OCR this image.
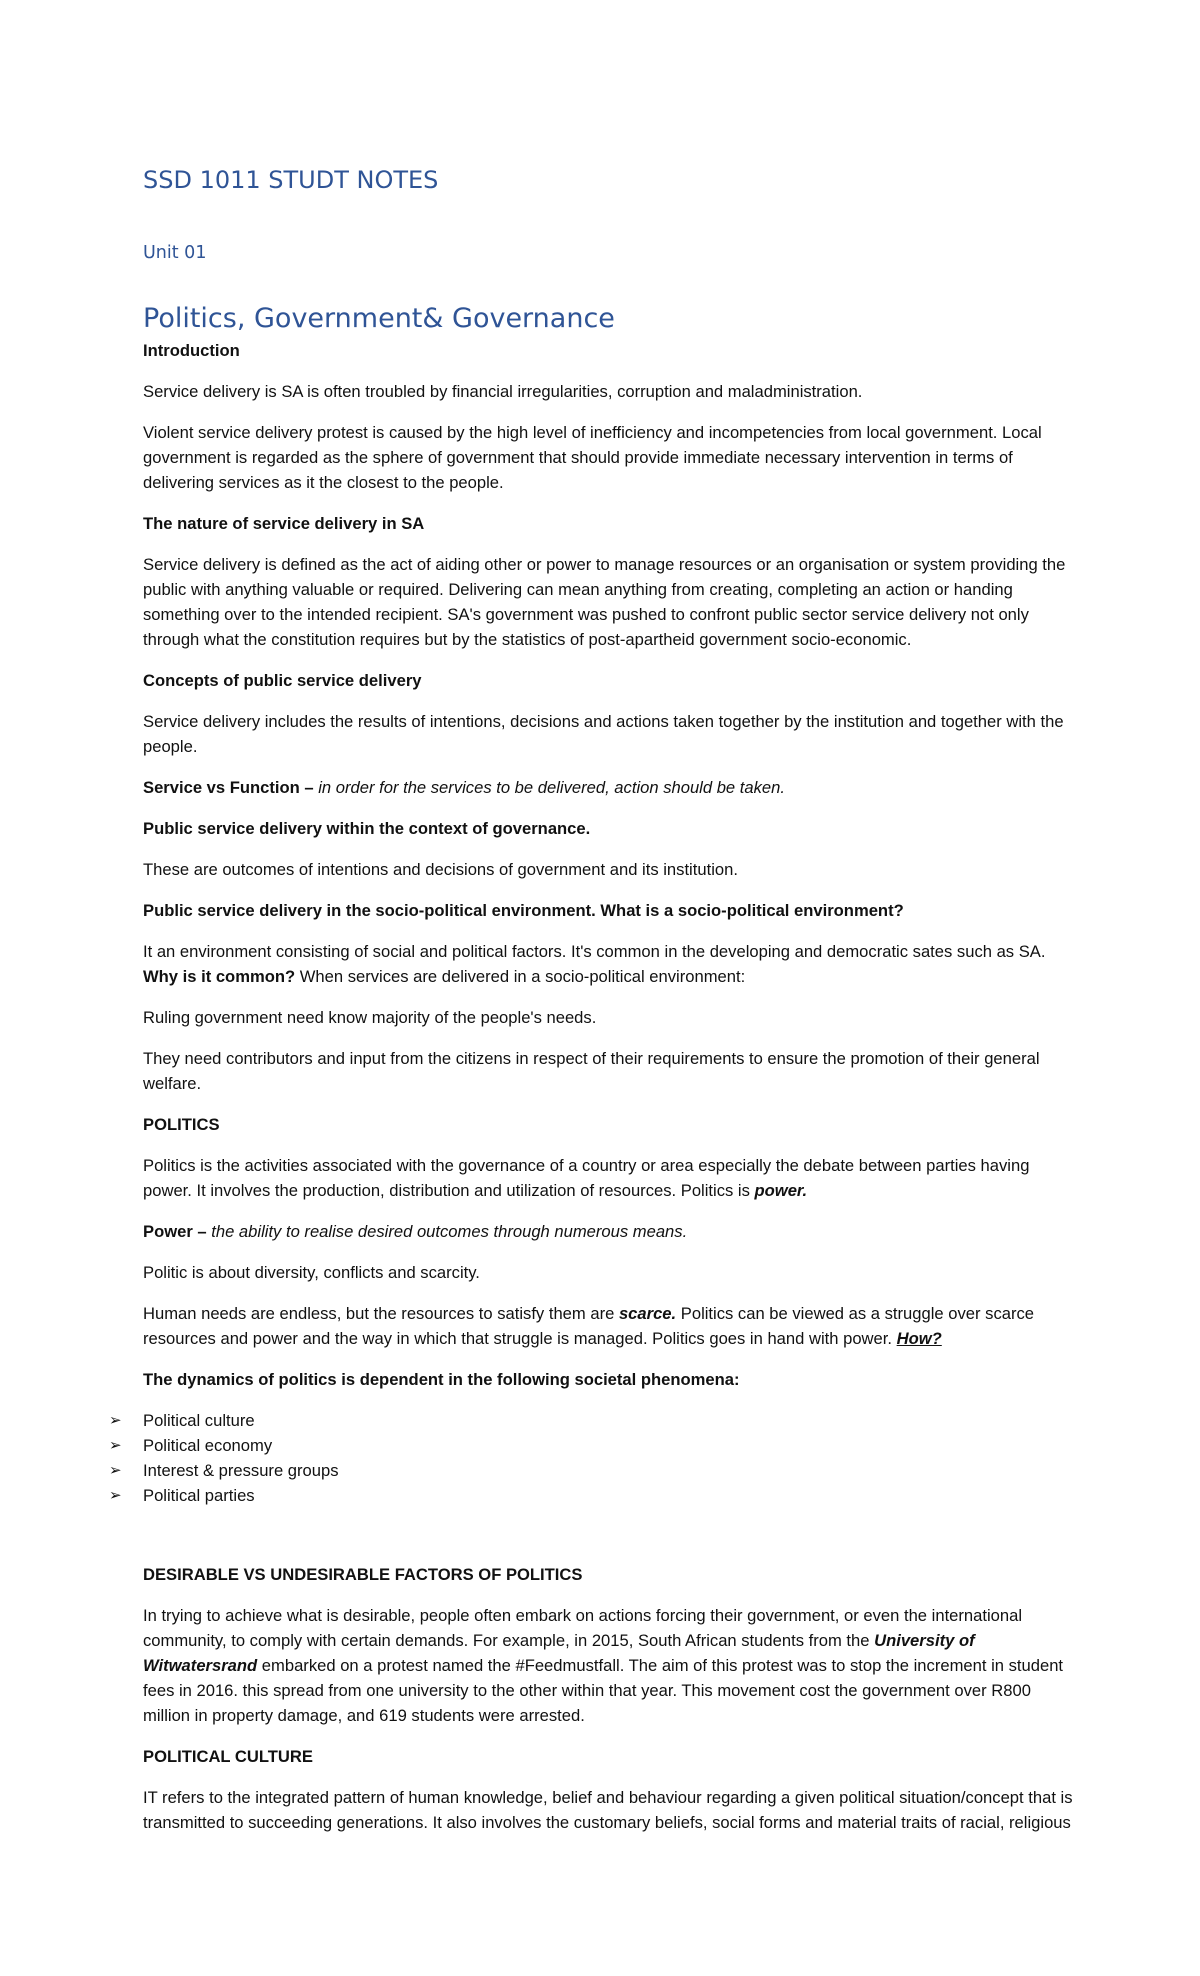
SSD 1011 STUDT NOTES
Unit 01
Politics, Government& Governance

Introduction

Service delivery is SA is often troubled by financial irregularities, corruption and maladministration.

Violent service delivery protest is caused by the high level of inefficiency and incompetencies from local government. Local government is regarded as the sphere of government that should provide immediate necessary intervention in terms of delivering services as it the closest to the people.

The nature of service delivery in SA

Service delivery is defined as the act of aiding other or power to manage resources or an organisation or system providing the public with anything valuable or required. Delivering can mean anything from creating, completing an action or handing something over to the intended recipient. SA's government was pushed to confront public sector service delivery not only through what the constitution requires but by the statistics of post-apartheid government socio-economic.

Concepts of public service delivery

Service delivery includes the results of intentions, decisions and actions taken together by the institution and together with the people.

Service vs Function – in order for the services to be delivered, action should be taken.

Public service delivery within the context of governance.

These are outcomes of intentions and decisions of government and its institution.

Public service delivery in the socio-political environment. What is a socio-political environment?

It an environment consisting of social and political factors. It's common in the developing and democratic sates such as SA. Why is it common? When services are delivered in a socio-political environment:

Ruling government need know majority of the people's needs.

They need contributors and input from the citizens in respect of their requirements to ensure the promotion of their general welfare.

POLITICS

Politics is the activities associated with the governance of a country or area especially the debate between parties having power. It involves the production, distribution and utilization of resources. Politics is power.

Power – the ability to realise desired outcomes through numerous means.

Politic is about diversity, conflicts and scarcity.

Human needs are endless, but the resources to satisfy them are scarce. Politics can be viewed as a struggle over scarce resources and power and the way in which that struggle is managed. Politics goes in hand with power. How?

The dynamics of politics is dependent in the following societal phenomena:

➢ Political culture
➢ Political economy
➢ Interest & pressure groups
➢ Political parties

DESIRABLE VS UNDESIRABLE FACTORS OF POLITICS

In trying to achieve what is desirable, people often embark on actions forcing their government, or even the international community, to comply with certain demands. For example, in 2015, South African students from the University of Witwatersrand embarked on a protest named the #Feedmustfall. The aim of this protest was to stop the increment in student fees in 2016. this spread from one university to the other within that year. This movement cost the government over R800 million in property damage, and 619 students were arrested.

POLITICAL CULTURE

IT refers to the integrated pattern of human knowledge, belief and behaviour regarding a given political situation/concept that is transmitted to succeeding generations. It also involves the customary beliefs, social forms and material traits of racial, religious
